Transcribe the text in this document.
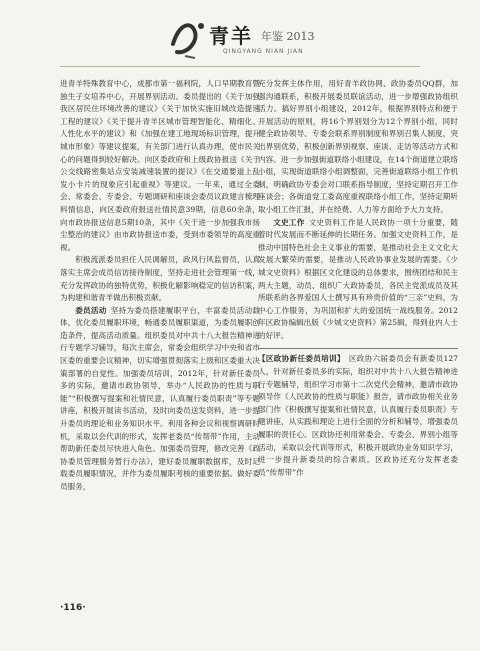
青羊 年鉴 2013
QINGYANG NIAN JIAN

进青羊特殊教育中心，成都市第一福利院，人口早期教育暨独生子女培养中心，开展界别活动。委员提出的《关于加强我区居民住环境改善的建议》《关于加快实施旧城改造提速工程的建议》《关于提升青羊区城市管理智能化、精细化、人性化水平的建议》和《加强在建工地现场标识管理，提升城市形象》等建议提案，有关部门进行认真办理，使市民关心的问题得到较好解决。向区委政府和上级政协报送《关于公交线路密集站点安装减速装置的提议》《在交通要道上乱发小卡片的现象应引起重视》等建议。一年来，通过全委会、常委会、专委会、专题调研和座谈会委员议政建言梳理料情信息，向区委政府报送社情民意39期，信息60余条，向市政协报送信息5期10条，其中《关于进一步加强我市扬尘整治的建议》由市政协报送市委，受到市委领导的高度重视。

积极流派委员担任人民调解员，政风行风监督员，认真落实主席会成员信访接待制度，坚持走进社会管理第一线，充分发挥政协的独特优势，积极化解影响稳定的信访积案，为构建和谐青羊做出积极贡献。

委员活动 坚持为委员搭建履职平台，丰富委员活动载体，优化委员履职环境，畅通委员履职渠道，为委员履职创造条件，提高活动质量。组织委员对中共十八大报告精神进行专题学习辅导，每次主席会，常委会组织学习中央和省市区委的重要会议精神，切实增强贯彻落实上级和区委重大决策部署的自觉性。加强委员培训，2012年，针对新任委员多的实际，邀请市政协领导，举办“人民政协的性质与职能”“积极撰写提案和社情民意，认真履行委员职责”等专题讲座，积极开展读书活动，及时向委员送发资料，进一步提升委员的理论和业务知识水平。利用各种会议和视察调研时机，采取以会代训的形式，发挥老委员“传帮带”作用，主动帮助新任委员尽快进入角色。加强委员管理，修改完善《政协委员管理服务暂行办法》，建好委员履职数据库，及时记载委员履职情况，并作为委员履职考核的重要依据。做好委员服务，

充分发挥主体作用，用好青羊政协网、政协委员QQ群，加强沟通联系，积极开展委员联谊活动，进一步增强政协组织活力。搞好界别小组建设，2012年，根据界别特点和便于开展活动的原则，将16个界别划分为12个界别小组，同时健全政协领导、专委会联系界别制度和界别召集人制度，突出界别优势，积极创新界别视察、座谈、走访等活动方式和内容。进一步加强街道联络小组建设，在14个街道建立联络小组，实现街道联络小组调整面，完善街道联络小组工作机制，明确政协专委会对口联系指导制度，坚持定期召开工作座谈会；各街道党工委高度重视联络小组工作，坚持定期听取小组工作汇报，并在经费、人力等方面给予大力支持。

文史工作 文史资料工作是人民政协一项十分重要，随着时代发展而不断延伸的长期任务。加强文史资料工作，是推动中国特色社会主义事业的需要，是推动社会主义文化大发展大繁荣的需要，是推动人民政协事业发展的需要。《少城文史资料》根据区文化建设的总体要求，围绕团结和民主两大主题，动员、组织广大政协委员，各民主党派成员及其所联系的各界爱国人士撰写具有珍贵价值的“三亲”史料，为中心工作服务，为巩固和扩大的爱国统一战线服务。2012年区政协编辑出版《少城文史资料》第25辑，得到业内人士的好评。

【区政协新任委员培训】 区政协六届委员会有新委员127人，针对新任委员多的实际，组织对中共十八大报告精神进行专题辅导，组织学习市第十二次党代会精神，邀请市政协领导作《人民政协的性质与职能》报告，请市政协相关业务部门作《积极撰写提案和社情民意，认真履行委员职责》专题讲座，从实践和理论上进行全面的分析和辅导，增强委员履职的责任心。区政协还利用常委会、专委会、界别小组等活动，采取以会代训等形式，积极开展政协业务知识学习，进一步提升新委员的综合素质。区政协还充分发挥老委员“传帮带”作

·116·
